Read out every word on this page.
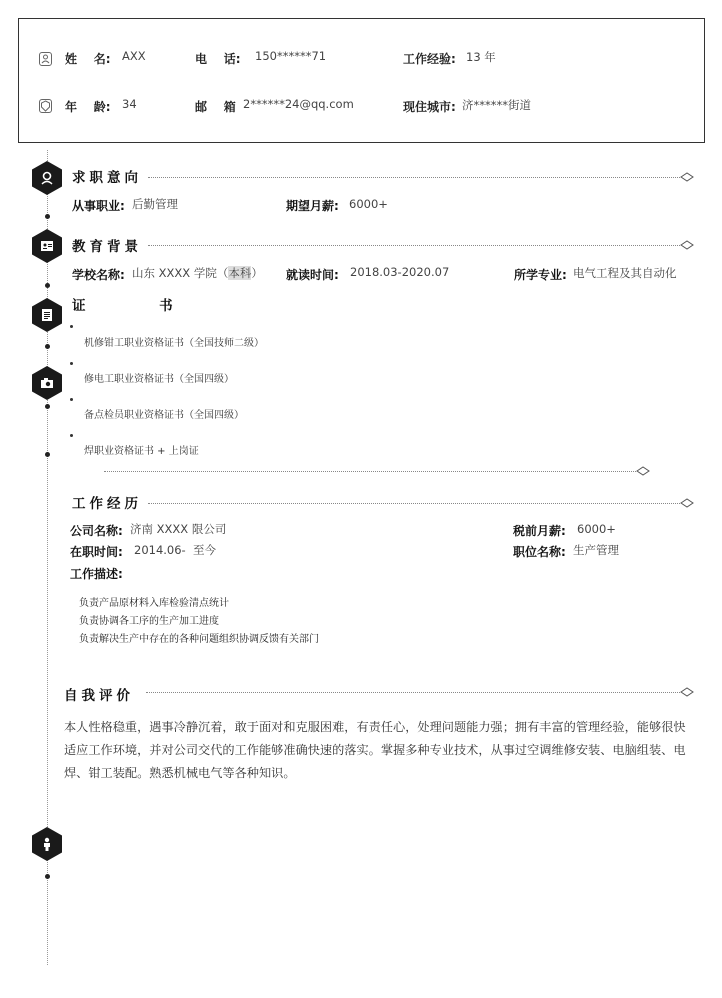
姓    名: AXX	电    话: 150******71	工作经验: 13 年
年    龄: 34	邮    箱 2******24@qq.com	现住城市: 济******街道
求职意向
从事职业: 后勤管理	期望月薪: 6000+
教育背景
学校名称: 山东 XXXX 学院（本科） 就读时间: 2018.03-2020.07	所学专业: 电气工程及其自动化
证        书
机修钳工职业资格证书（全国技师二级）
修电工职业资格证书（全国四级）
备点检员职业资格证书（全国四级）
焊职业资格证书 + 上岗证
工作经历
公司名称: 济南 XXXX 限公司	税前月薪: 6000+
在职时间: 2014.06-  至今	职位名称: 生产管理
工作描述:
负责产品原材料入库检验清点统计
负责协调各工序的生产加工进度
负责解决生产中存在的各种问题组织协调反馈有关部门
自我评价
本人性格稳重，遇事冷静沉着，敢于面对和克服困难，有责任心，处理问题能力强；拥有丰富的管理经验，能够很快适应工作环境，并对公司交代的工作能够准确快速的落实。掌握多种专业技术，从事过空调维修安装、电脑组装、电焊、钳工装配。熟悉机械电气等各种知识。
